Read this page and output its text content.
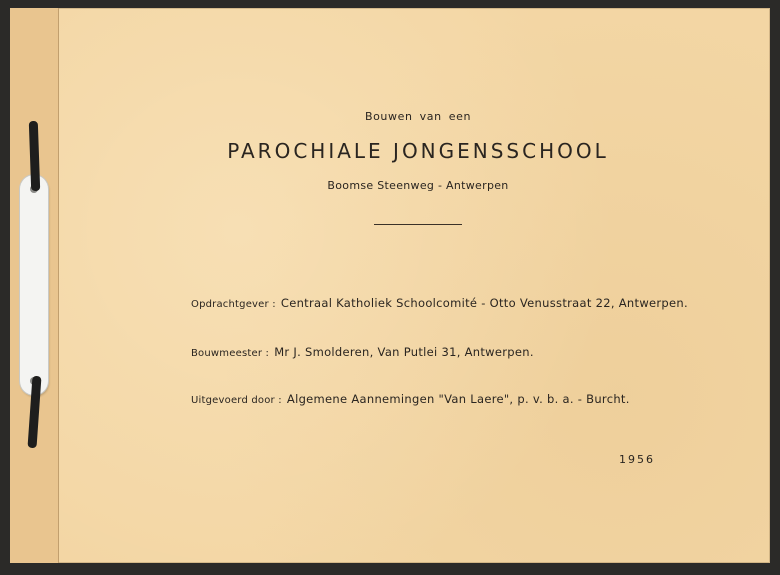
Bouwen van een
PAROCHIALE JONGENSSCHOOL
Boomse Steenweg - Antwerpen
Opdrachtgever : Centraal Katholiek Schoolcomité - Otto Venusstraat 22, Antwerpen.
Bouwmeester : Mr J. Smolderen, Van Putlei 31, Antwerpen.
Uitgevoerd door : Algemene Aannemingen "Van Laere", p. v. b. a. - Burcht.
1956
